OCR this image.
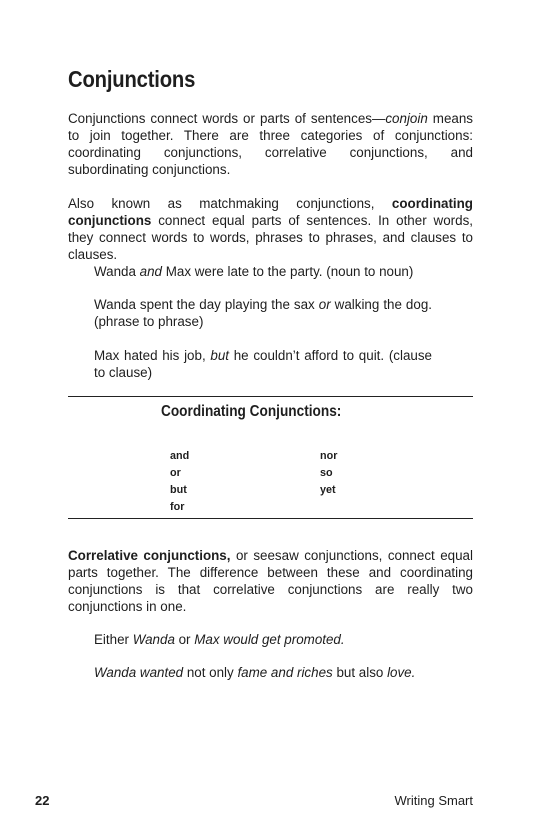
Conjunctions

Conjunctions connect words or parts of sentences—conjoin means to join together. There are three categories of conjunctions: coordinating conjunctions, correlative conjunctions, and subordinating conjunctions.

Also known as matchmaking conjunctions, coordinating conjunctions connect equal parts of sentences. In other words, they connect words to words, phrases to phrases, and clauses to clauses.

Wanda and Max were late to the party. (noun to noun)

Wanda spent the day playing the sax or walking the dog. (phrase to phrase)

Max hated his job, but he couldn’t afford to quit. (clause to clause)

Coordinating Conjunctions:
and
or
but
for
nor
so
yet

Correlative conjunctions, or seesaw conjunctions, connect equal parts together. The difference between these and coordinating conjunctions is that correlative conjunctions are really two conjunctions in one.

Either Wanda or Max would get promoted.

Wanda wanted not only fame and riches but also love.

22	Writing Smart
